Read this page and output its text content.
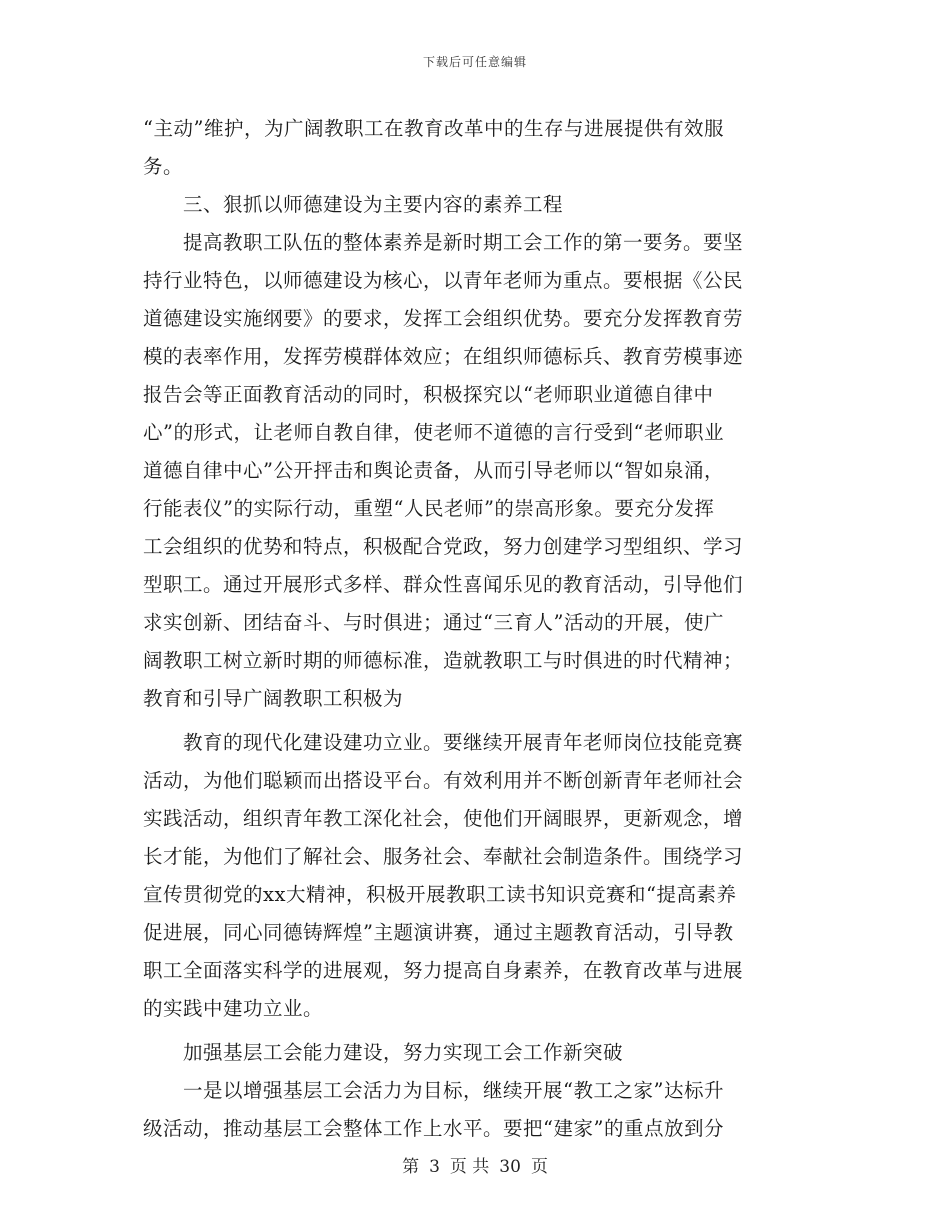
下载后可任意编辑
“主动”维护，为广阔教职工在教育改革中的生存与进展提供有效服
务。
　　三、狠抓以师德建设为主要内容的素养工程
　　提高教职工队伍的整体素养是新时期工会工作的第一要务。要坚
持行业特色，以师德建设为核心，以青年老师为重点。要根据《公民
道德建设实施纲要》的要求，发挥工会组织优势。要充分发挥教育劳
模的表率作用，发挥劳模群体效应；在组织师德标兵、教育劳模事迹
报告会等正面教育活动的同时，积极探究以“老师职业道德自律中
心”的形式，让老师自教自律，使老师不道德的言行受到“老师职业
道德自律中心”公开抨击和舆论责备，从而引导老师以“智如泉涌，
行能表仪”的实际行动，重塑“人民老师”的崇高形象。要充分发挥
工会组织的优势和特点，积极配合党政，努力创建学习型组织、学习
型职工。通过开展形式多样、群众性喜闻乐见的教育活动，引导他们
求实创新、团结奋斗、与时俱进；通过“三育人”活动的开展，使广
阔教职工树立新时期的师德标准，造就教职工与时俱进的时代精神；
教育和引导广阔教职工积极为
　　教育的现代化建设建功立业。要继续开展青年老师岗位技能竞赛
活动，为他们聪颖而出搭设平台。有效利用并不断创新青年老师社会
实践活动，组织青年教工深化社会，使他们开阔眼界，更新观念，增
长才能，为他们了解社会、服务社会、奉献社会制造条件。围绕学习
宣传贯彻党的xx大精神，积极开展教职工读书知识竞赛和“提高素养
促进展，同心同德铸辉煌”主题演讲赛，通过主题教育活动，引导教
职工全面落实科学的进展观，努力提高自身素养，在教育改革与进展
的实践中建功立业。
　　加强基层工会能力建设，努力实现工会工作新突破
　　一是以增强基层工会活力为目标，继续开展“教工之家”达标升
级活动，推动基层工会整体工作上水平。要把“建家”的重点放到分
第 3 页 共 30 页
